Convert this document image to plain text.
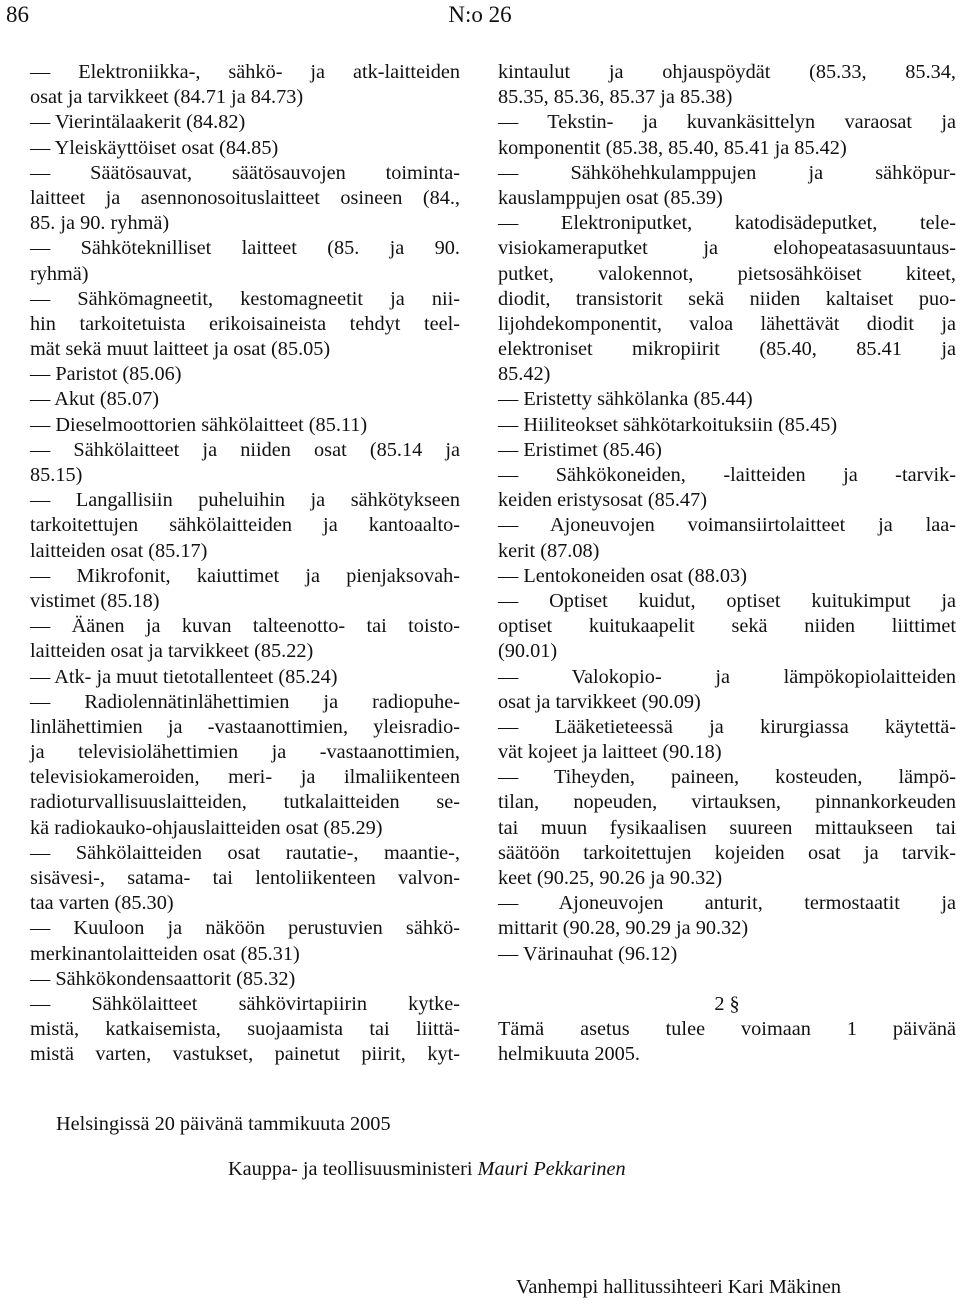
86	N:o 26
— Elektroniikka-, sähkö- ja atk-laitteiden
osat ja tarvikkeet (84.71 ja 84.73)
— Vierintälaakerit (84.82)
— Yleiskäyttöiset osat (84.85)
— Säätösauvat, säätösauvojen toiminta-
laitteet ja asennonosoituslaitteet osineen (84.,
85. ja 90. ryhmä)
— Sähköteknilliset laitteet (85. ja 90.
ryhmä)
— Sähkömagneetit, kestomagneetit ja nii-
hin tarkoitetuista erikoisaineista tehdyt teel-
mät sekä muut laitteet ja osat (85.05)
— Paristot (85.06)
— Akut (85.07)
— Dieselmoottorien sähkölaitteet (85.11)
— Sähkölaitteet ja niiden osat (85.14 ja
85.15)
— Langallisiin puheluihin ja sähkötykseen
tarkoitettujen sähkölaitteiden ja kantoaalto-
laitteiden osat (85.17)
— Mikrofonit, kaiuttimet ja pienjaksovah-
vistimet (85.18)
— Äänen ja kuvan talteenotto- tai toisto-
laitteiden osat ja tarvikkeet (85.22)
— Atk- ja muut tietotallenteet (85.24)
— Radiolennätinlähettimien ja radiopuhe-
linlähettimien ja -vastaanottimien, yleisradio-
ja televisiolähettimien ja -vastaanottimien,
televisiokameroiden, meri- ja ilmaliikenteen
radioturvallisuuslaitteiden, tutkalaitteiden se-
kä radiokauko-ohjauslaitteiden osat (85.29)
— Sähkölaitteiden osat rautatie-, maantie-,
sisävesi-, satama- tai lentoliikenteen valvon-
taa varten (85.30)
— Kuuloon ja näköön perustuvien sähkö-
merkinantolaitteiden osat (85.31)
— Sähkökondensaattorit (85.32)
— Sähkölaitteet sähkövirtapiirin kytke-
mistä, katkaisemista, suojaamista tai liittä-
mistä varten, vastukset, painetut piirit, kyt-
kintaulut ja ohjauspöydät (85.33, 85.34,
85.35, 85.36, 85.37 ja 85.38)
— Tekstin- ja kuvankäsittelyn varaosat ja
komponentit (85.38, 85.40, 85.41 ja 85.42)
— Sähköhehkulamppujen ja sähköpur-
kauslamppujen osat (85.39)
— Elektroniputket, katodisädeputket, tele-
visiokameraputket ja elohopeatasasuuntaus-
putket, valokennot, pietsosähköiset kiteet,
diodit, transistorit sekä niiden kaltaiset puo-
lijohdekomponentit, valoa lähettävät diodit ja
elektroniset mikropiirit (85.40, 85.41 ja
85.42)
— Eristetty sähkölanka (85.44)
— Hiiliteokset sähkötarkoituksiin (85.45)
— Eristimet (85.46)
— Sähkökoneiden, -laitteiden ja -tarvik-
keiden eristysosat (85.47)
— Ajoneuvojen voimansiirtolaitteet ja laa-
kerit (87.08)
— Lentokoneiden osat (88.03)
— Optiset kuidut, optiset kuitukimput ja
optiset kuitukaapelit sekä niiden liittimet
(90.01)
— Valokopio- ja lämpökopiolaitteiden
osat ja tarvikkeet (90.09)
— Lääketieteessä ja kirurgiassa käytettä-
vät kojeet ja laitteet (90.18)
— Tiheyden, paineen, kosteuden, lämpö-
tilan, nopeuden, virtauksen, pinnankorkeuden
tai muun fysikaalisen suureen mittaukseen tai
säätöön tarkoitettujen kojeiden osat ja tarvik-
keet (90.25, 90.26 ja 90.32)
— Ajoneuvojen anturit, termostaatit ja
mittarit (90.28, 90.29 ja 90.32)
— Värinauhat (96.12)
2 §
Tämä asetus tulee voimaan 1 päivänä
helmikuuta 2005.
Helsingissä 20 päivänä tammikuuta 2005
Kauppa- ja teollisuusministeri Mauri Pekkarinen
Vanhempi hallitussihteeri Kari Mäkinen
